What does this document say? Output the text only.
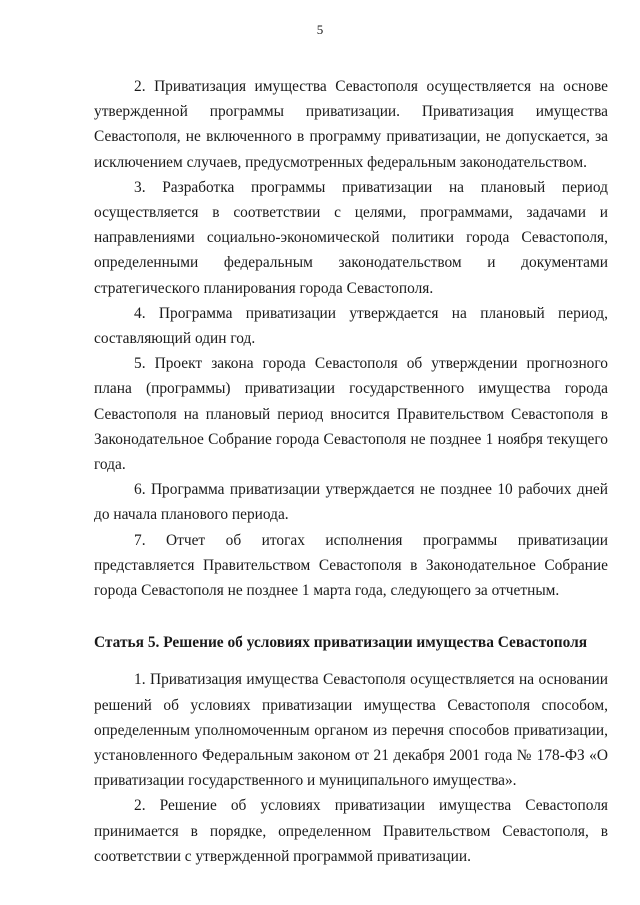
5

2. Приватизация имущества Севастополя осуществляется на основе утвержденной программы приватизации. Приватизация имущества Севастополя, не включенного в программу приватизации, не допускается, за исключением случаев, предусмотренных федеральным законодательством.

3. Разработка программы приватизации на плановый период осуществляется в соответствии с целями, программами, задачами и направлениями социально-экономической политики города Севастополя, определенными федеральным законодательством и документами стратегического планирования города Севастополя.

4. Программа приватизации утверждается на плановый период, составляющий один год.

5. Проект закона города Севастополя об утверждении прогнозного плана (программы) приватизации государственного имущества города Севастополя на плановый период вносится Правительством Севастополя в Законодательное Собрание города Севастополя не позднее 1 ноября текущего года.

6. Программа приватизации утверждается не позднее 10 рабочих дней до начала планового периода.

7. Отчет об итогах исполнения программы приватизации представляется Правительством Севастополя в Законодательное Собрание города Севастополя не позднее 1 марта года, следующего за отчетным.

Статья 5. Решение об условиях приватизации имущества Севастополя

1. Приватизация имущества Севастополя осуществляется на основании решений об условиях приватизации имущества Севастополя способом, определенным уполномоченным органом из перечня способов приватизации, установленного Федеральным законом от 21 декабря 2001 года № 178-ФЗ «О приватизации государственного и муниципального имущества».

2. Решение об условиях приватизации имущества Севастополя принимается в порядке, определенном Правительством Севастополя, в соответствии с утвержденной программой приватизации.
